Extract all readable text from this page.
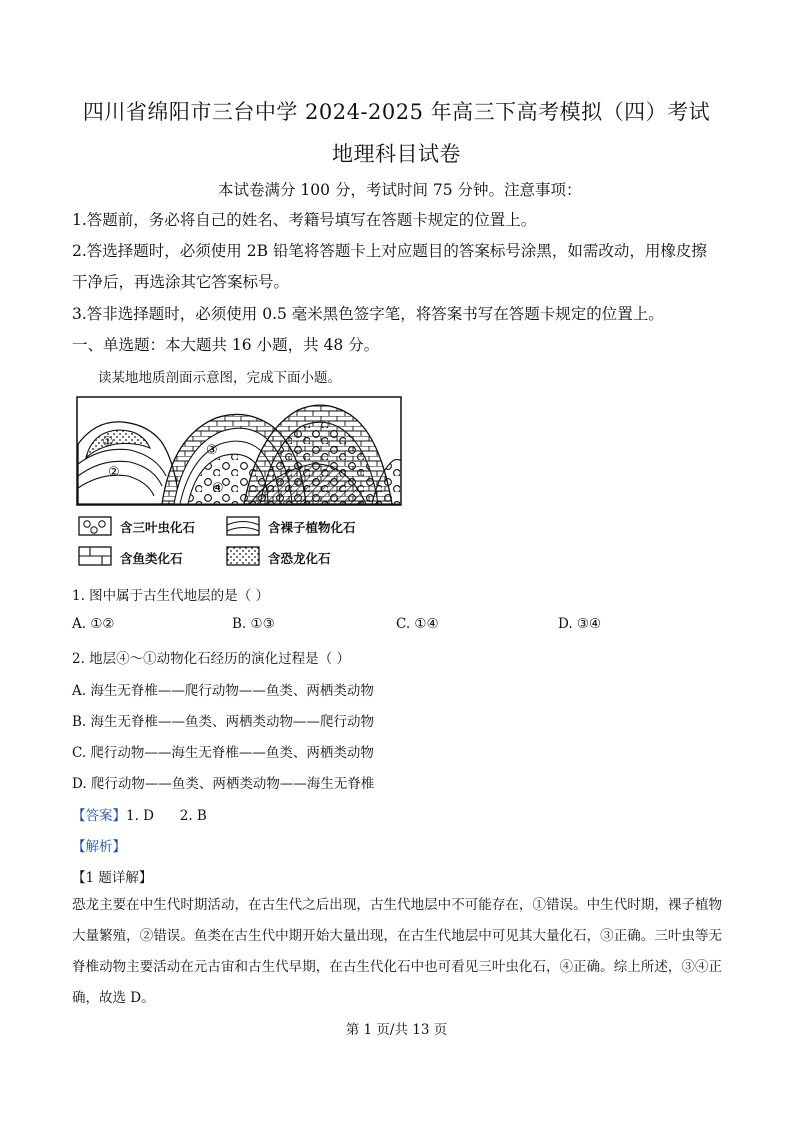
四川省绵阳市三台中学 2024-2025 年高三下高考模拟（四）考试
地理科目试卷
本试卷满分 100 分，考试时间 75 分钟。注意事项：
1.答题前，务必将自己的姓名、考籍号填写在答题卡规定的位置上。
2.答选择题时，必须使用 2B 铅笔将答题卡上对应题目的答案标号涂黑，如需改动，用橡皮擦
干净后，再选涂其它答案标号。
3.答非选择题时，必须使用 0.5 毫米黑色签字笔，将答案书写在答题卡规定的位置上。
一、单选题：本大题共 16 小题，共 48 分。
读某地地质剖面示意图，完成下面小题。
①
②
③
④
含三叶虫化石	含裸子植物化石
含鱼类化石	含恐龙化石
1. 图中属于古生代地层的是（ ）
A. ①②	B. ①③	C. ①④	D. ③④
2. 地层④～①动物化石经历的演化过程是（ ）
A. 海生无脊椎——爬行动物——鱼类、两栖类动物
B. 海生无脊椎——鱼类、两栖类动物——爬行动物
C. 爬行动物——海生无脊椎——鱼类、两栖类动物
D. 爬行动物——鱼类、两栖类动物——海生无脊椎
【答案】1. D      2. B
【解析】
【1 题详解】
恐龙主要在中生代时期活动，在古生代之后出现，古生代地层中不可能存在，①错误。中生代时期，裸子植物大量繁殖，②错误。鱼类在古生代中期开始大量出现，在古生代地层中可见其大量化石，③正确。三叶虫等无脊椎动物主要活动在元古宙和古生代早期，在古生代化石中也可看见三叶虫化石，④正确。综上所述，③④正确，故选 D。
第 1 页/共 13 页
